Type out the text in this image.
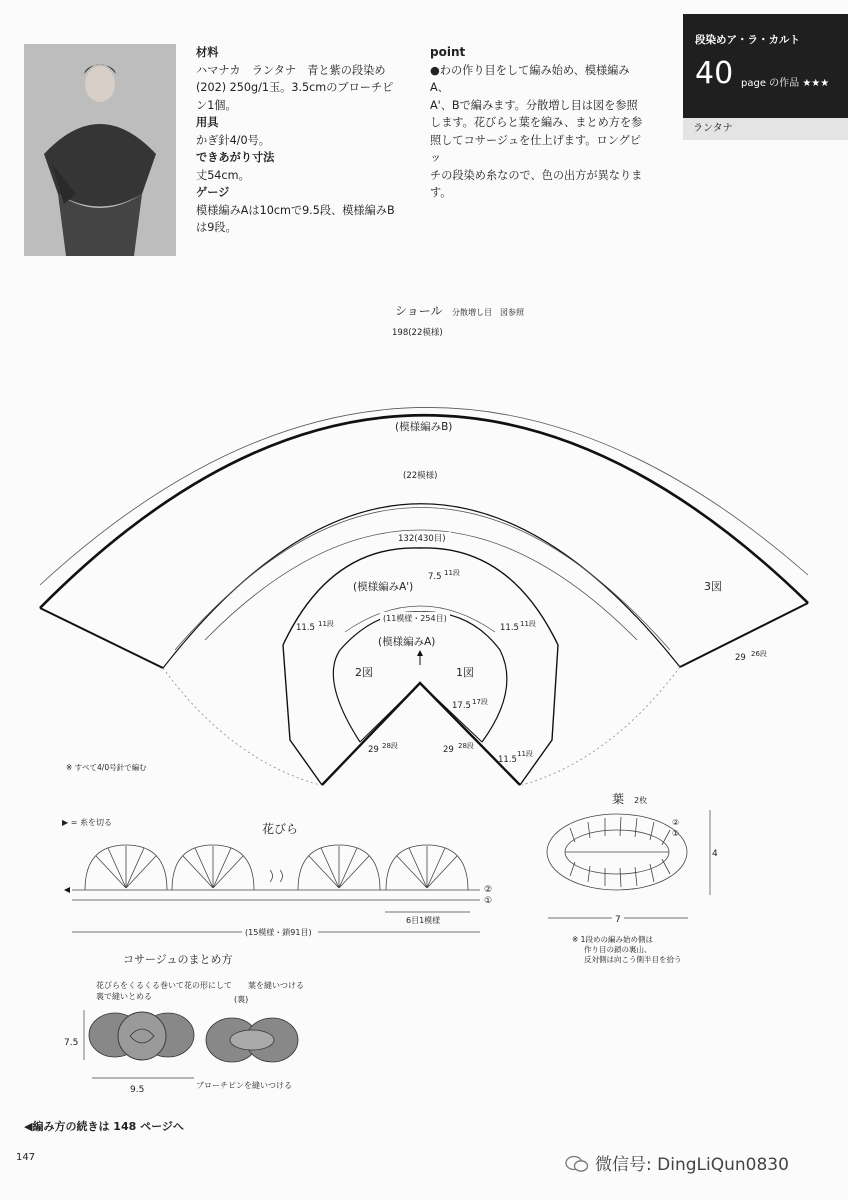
材料
ハマナカ　ランタナ　青と紫の段染め
(202) 250g/1玉。3.5cmのブローチピ
ン1個。
用具
かぎ針4/0号。
できあがり寸法
丈54cm。
ゲージ
模様編みAは10cmで9.5段、模様編みB
は9段。
point
●わの作り目をして編み始め、模様編みA、
A'、Bで編みます。分散増し目は図を参照
します。花びらと葉を編み、まとめ方を参
照してコサージュを仕上げます。ロングピッ
チの段染め糸なので、色の出方が異なりま
す。
段染めア・ラ・カルト
40 page の作品 ★★★
ランタナ
ショール 分散増し目　図参照
198(22模様)
(模様編みB)
(22模様)
132(430目)
(模様編みA')
7.5 11段
11.5 11段	11.5 11段
(11模様・254目)
(模様編みA)
2図	1図
3図
17.5 17段
29 28段	29 28段
11.5
11段
29 26段
※ すべて4/0号針で編む
▶ = 糸を切る	花びら
②
①
6目1模様
(15模様・鎖91目)
葉 2枚
②
①
4
7
※ 1段めの編み始め側は
作り目の鎖の裏山、
反対側は向こう側半目を拾う
コサージュのまとめ方
花びらをくるくる巻いて花の形にして
裏で縫いとめる
葉を縫いつける
(裏)
7.5
9.5	ブローチピンを縫いつける
◀編み方の続きは 148 ページへ
147	微信号: DingLiQun0830
